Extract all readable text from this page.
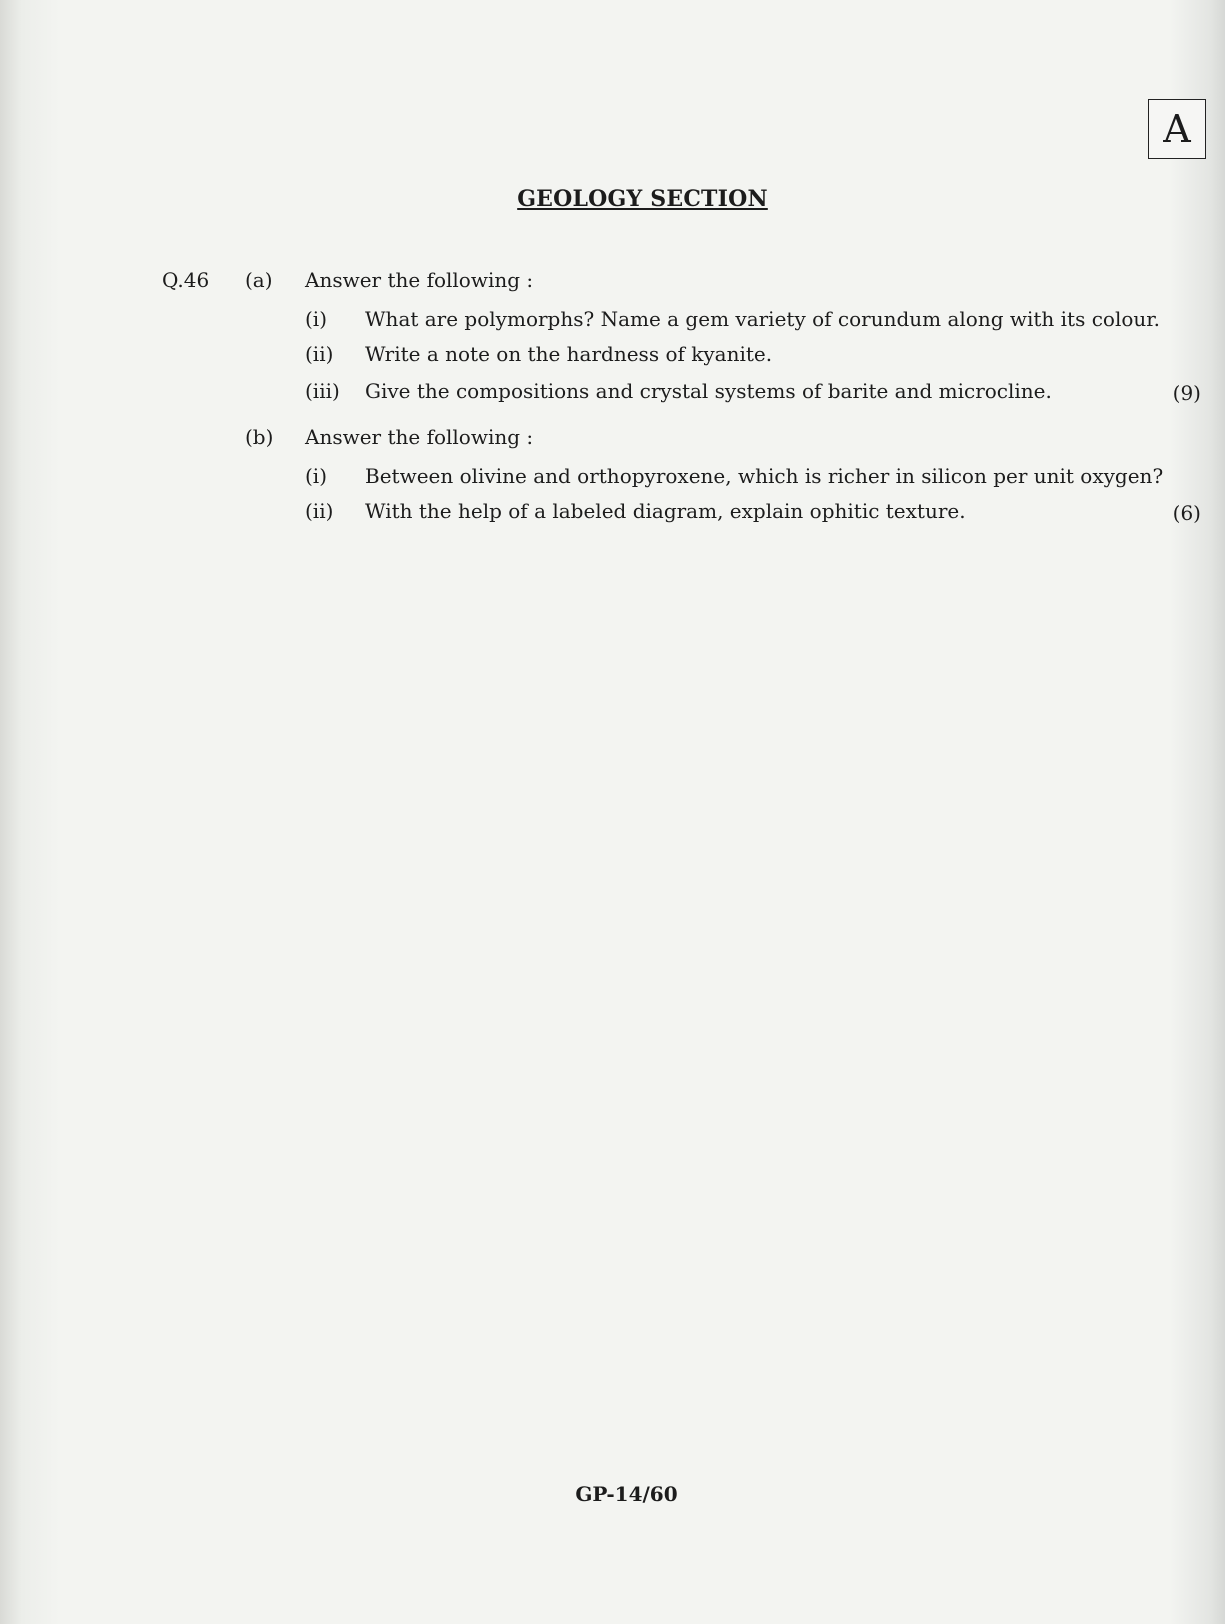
A
GEOLOGY SECTION
Q.46 (a) Answer the following :
(i) What are polymorphs? Name a gem variety of corundum along with its colour.
(ii) Write a note on the hardness of kyanite.
(iii) Give the compositions and crystal systems of barite and microcline.	(9)
(b) Answer the following :
(i) Between olivine and orthopyroxene, which is richer in silicon per unit oxygen?
(ii) With the help of a labeled diagram, explain ophitic texture.	(6)
GP-14/60
